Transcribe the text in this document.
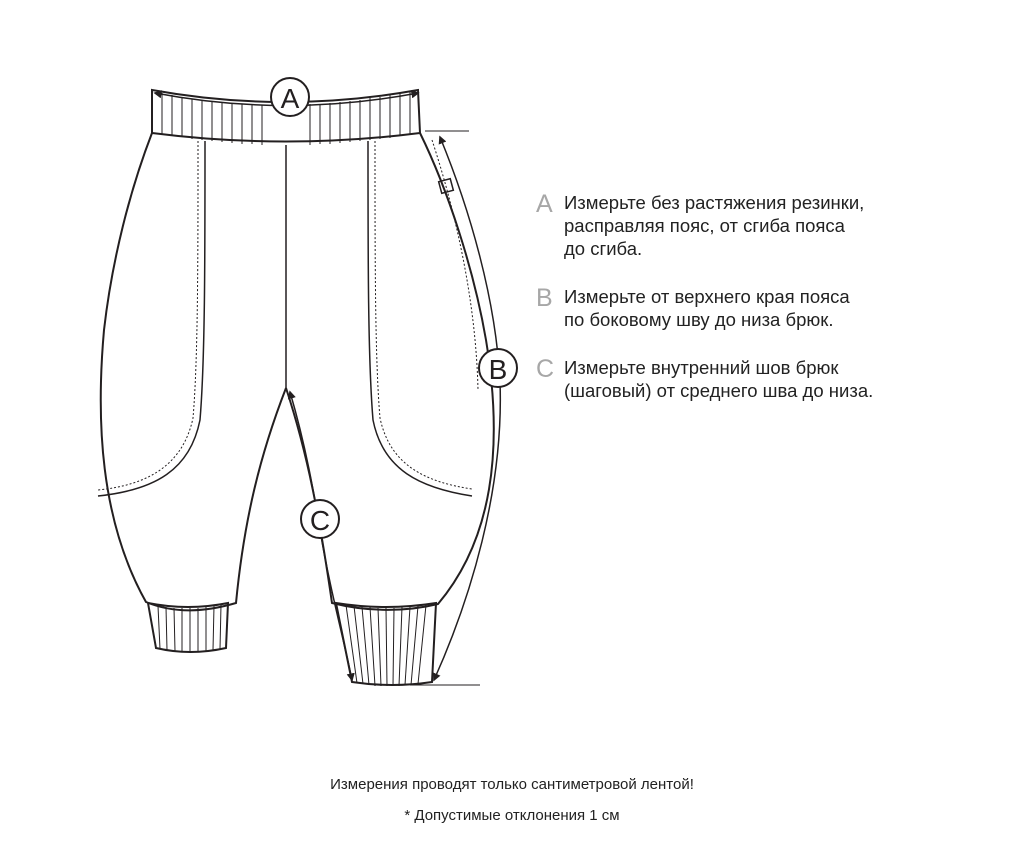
A
B
C
A Измерьте без растяжения резинки,
расправляя пояс, от сгиба пояса
до сгиба.
B Измерьте от верхнего края пояса
по боковому шву до низа брюк.
C Измерьте внутренний шов брюк
(шаговый) от среднего шва до низа.
Измерения проводят только сантиметровой лентой!
* Допустимые отклонения 1 см
